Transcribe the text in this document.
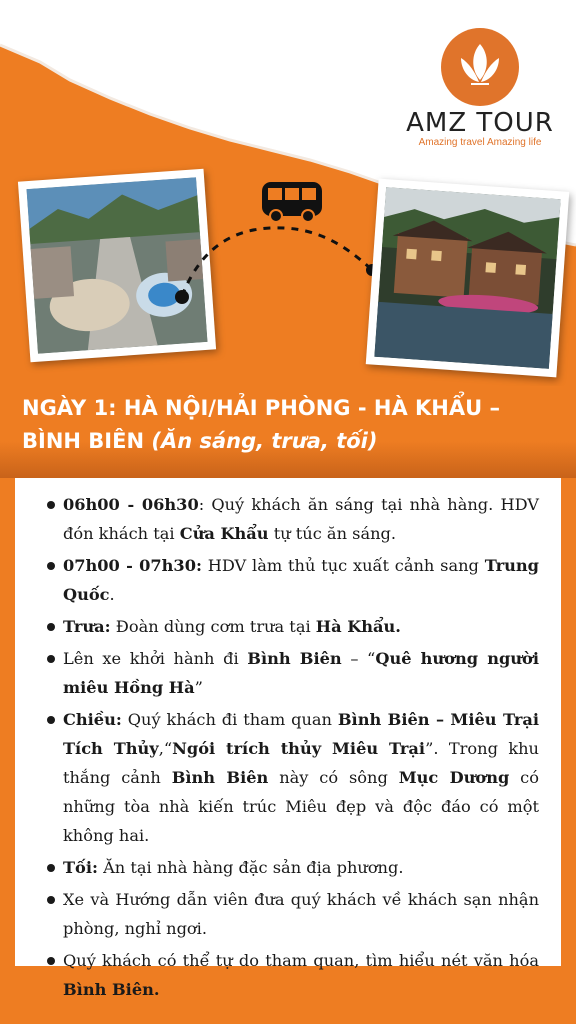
AMZ TOUR
Amazing travel Amazing life
NGÀY 1: HÀ NỘI/HẢI PHÒNG - HÀ KHẨU – BÌNH BIÊN (Ăn sáng, trưa, tối)
06h00 - 06h30: Quý khách ăn sáng tại nhà hàng. HDV đón khách tại Cửa Khẩu tự túc ăn sáng.
07h00 - 07h30: HDV làm thủ tục xuất cảnh sang Trung Quốc.
Trưa: Đoàn dùng cơm trưa tại Hà Khẩu.
Lên xe khởi hành đi Bình Biên – “Quê hương người miêu Hồng Hà”
Chiều: Quý khách đi tham quan Bình Biên – Miêu Trại Tích Thủy,“Ngói trích thủy Miêu Trại”. Trong khu thắng cảnh Bình Biên này có sông Mục Dương có những tòa nhà kiến trúc Miêu đẹp và độc đáo có một không hai.
Tối: Ăn tại nhà hàng đặc sản địa phương.
Xe và Hướng dẫn viên đưa quý khách về khách sạn nhận phòng, nghỉ ngơi.
Quý khách có thể tự do tham quan, tìm hiểu nét văn hóa Bình Biên.
